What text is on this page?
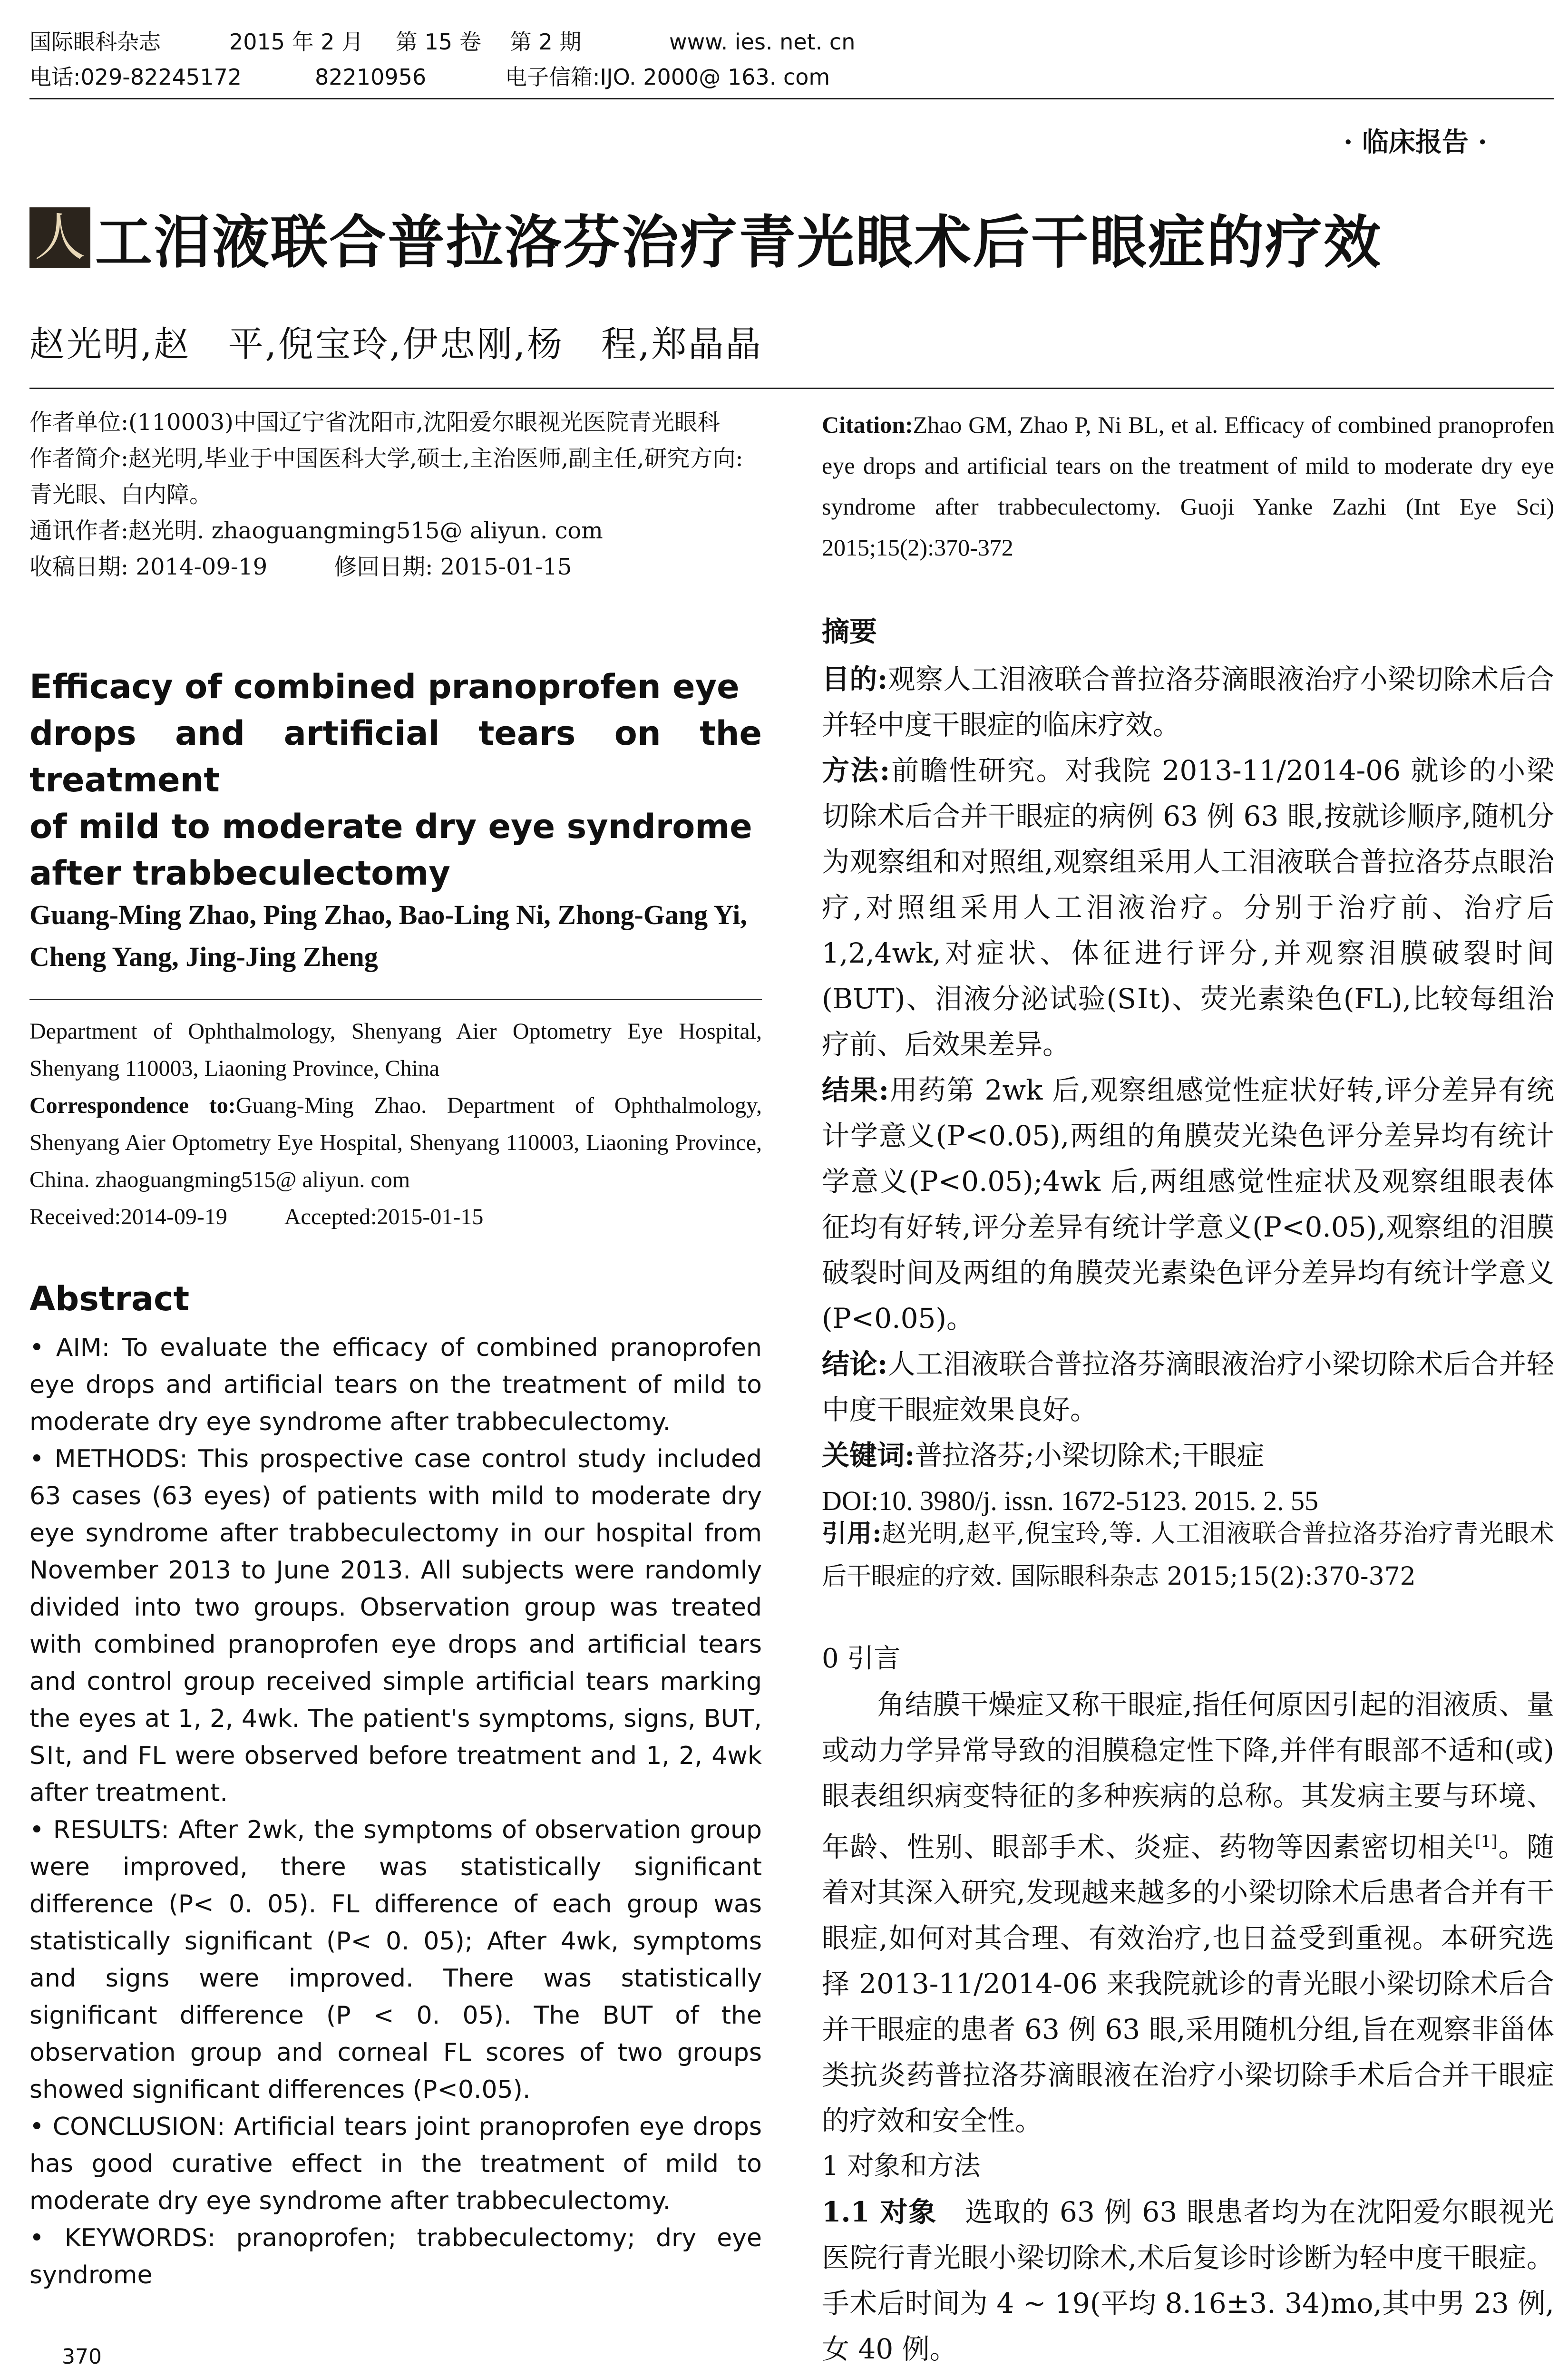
国际眼科杂志	2015 年 2 月 第 15 卷 第 2 期	www. ies. net. cn
电话:029-82245172	82210956	电子信箱:IJO. 2000@ 163. com
· 临床报告 ·
人 工泪液联合普拉洛芬治疗青光眼术后干眼症的疗效
赵光明,赵　平,倪宝玲,伊忠刚,杨　程,郑晶晶

作者单位:(110003)中国辽宁省沈阳市,沈阳爱尔眼视光医院青光眼科

作者简介:赵光明,毕业于中国医科大学,硕士,主治医师,副主任,研究方向:青光眼、白内障。

通讯作者:赵光明. zhaoguangming515@ aliyun. com

收稿日期: 2014-09-19	修回日期: 2015-01-15
Efficacy of combined pranoprofen eye
drops and artificial tears on the treatment
of mild to moderate dry eye syndrome
after trabbeculectomy
Guang-Ming Zhao, Ping Zhao, Bao-Ling Ni, Zhong-Gang Yi, Cheng Yang, Jing-Jing Zheng

Department of Ophthalmology, Shenyang Aier Optometry Eye Hospital, Shenyang 110003, Liaoning Province, China

Correspondence to:Guang-Ming Zhao. Department of Ophthalmology, Shenyang Aier Optometry Eye Hospital, Shenyang 110003, Liaoning Province, China. zhaoguangming515@ aliyun. com

Received:2014-09-19	Accepted:2015-01-15
Abstract

• AIM: To evaluate the efficacy of combined pranoprofen eye drops and artificial tears on the treatment of mild to moderate dry eye syndrome after trabbeculectomy.

• METHODS: This prospective case control study included 63 cases (63 eyes) of patients with mild to moderate dry eye syndrome after trabbeculectomy in our hospital from November 2013 to June 2013. All subjects were randomly divided into two groups. Observation group was treated with combined pranoprofen eye drops and artificial tears and control group received simple artificial tears marking the eyes at 1, 2, 4wk. The patient's symptoms, signs, BUT, SⅠt, and FL were observed before treatment and 1, 2, 4wk after treatment.

• RESULTS: After 2wk, the symptoms of observation group were improved, there was statistically significant difference (P< 0. 05). FL difference of each group was statistically significant (P< 0. 05); After 4wk, symptoms and signs were improved. There was statistically significant difference (P < 0. 05). The BUT of the observation group and corneal FL scores of two groups showed significant differences (P<0.05).

• CONCLUSION: Artificial tears joint pranoprofen eye drops has good curative effect in the treatment of mild to moderate dry eye syndrome after trabbeculectomy.

• KEYWORDS: pranoprofen; trabbeculectomy; dry eye syndrome

370
Citation:Zhao GM, Zhao P, Ni BL, et al. Efficacy of combined pranoprofen eye drops and artificial tears on the treatment of mild to moderate dry eye syndrome after trabbeculectomy. Guoji Yanke Zazhi (Int Eye Sci) 2015;15(2):370-372

摘要

目的:观察人工泪液联合普拉洛芬滴眼液治疗小梁切除术后合并轻中度干眼症的临床疗效。

方法:前瞻性研究。对我院 2013-11/2014-06 就诊的小梁切除术后合并干眼症的病例 63 例 63 眼,按就诊顺序,随机分为观察组和对照组,观察组采用人工泪液联合普拉洛芬点眼治疗,对照组采用人工泪液治疗。分别于治疗前、治疗后 1,2,4wk,对症状、体征进行评分,并观察泪膜破裂时间(BUT)、泪液分泌试验(SⅠt)、荧光素染色(FL),比较每组治疗前、后效果差异。

结果:用药第 2wk 后,观察组感觉性症状好转,评分差异有统计学意义(P<0.05),两组的角膜荧光染色评分差异均有统计学意义(P<0.05);4wk 后,两组感觉性症状及观察组眼表体征均有好转,评分差异有统计学意义(P<0.05),观察组的泪膜破裂时间及两组的角膜荧光素染色评分差异均有统计学意义(P<0.05)。

结论:人工泪液联合普拉洛芬滴眼液治疗小梁切除术后合并轻中度干眼症效果良好。

关键词:普拉洛芬;小梁切除术;干眼症

DOI:10. 3980/j. issn. 1672-5123. 2015. 2. 55

引用:赵光明,赵平,倪宝玲,等. 人工泪液联合普拉洛芬治疗青光眼术后干眼症的疗效. 国际眼科杂志 2015;15(2):370-372

0 引言

角结膜干燥症又称干眼症,指任何原因引起的泪液质、量或动力学异常导致的泪膜稳定性下降,并伴有眼部不适和(或)眼表组织病变特征的多种疾病的总称。其发病主要与环境、年龄、性别、眼部手术、炎症、药物等因素密切相关[1]。随着对其深入研究,发现越来越多的小梁切除术后患者合并有干眼症,如何对其合理、有效治疗,也日益受到重视。本研究选择 2013-11/2014-06 来我院就诊的青光眼小梁切除术后合并干眼症的患者 63 例 63 眼,采用随机分组,旨在观察非甾体类抗炎药普拉洛芬滴眼液在治疗小梁切除手术后合并干眼症的疗效和安全性。

1 对象和方法

1.1 对象　选取的 63 例 63 眼患者均为在沈阳爱尔眼视光医院行青光眼小梁切除术,术后复诊时诊断为轻中度干眼症。手术后时间为 4 ~ 19(平均 8.16±3. 34)mo,其中男 23 例,女 40 例。
